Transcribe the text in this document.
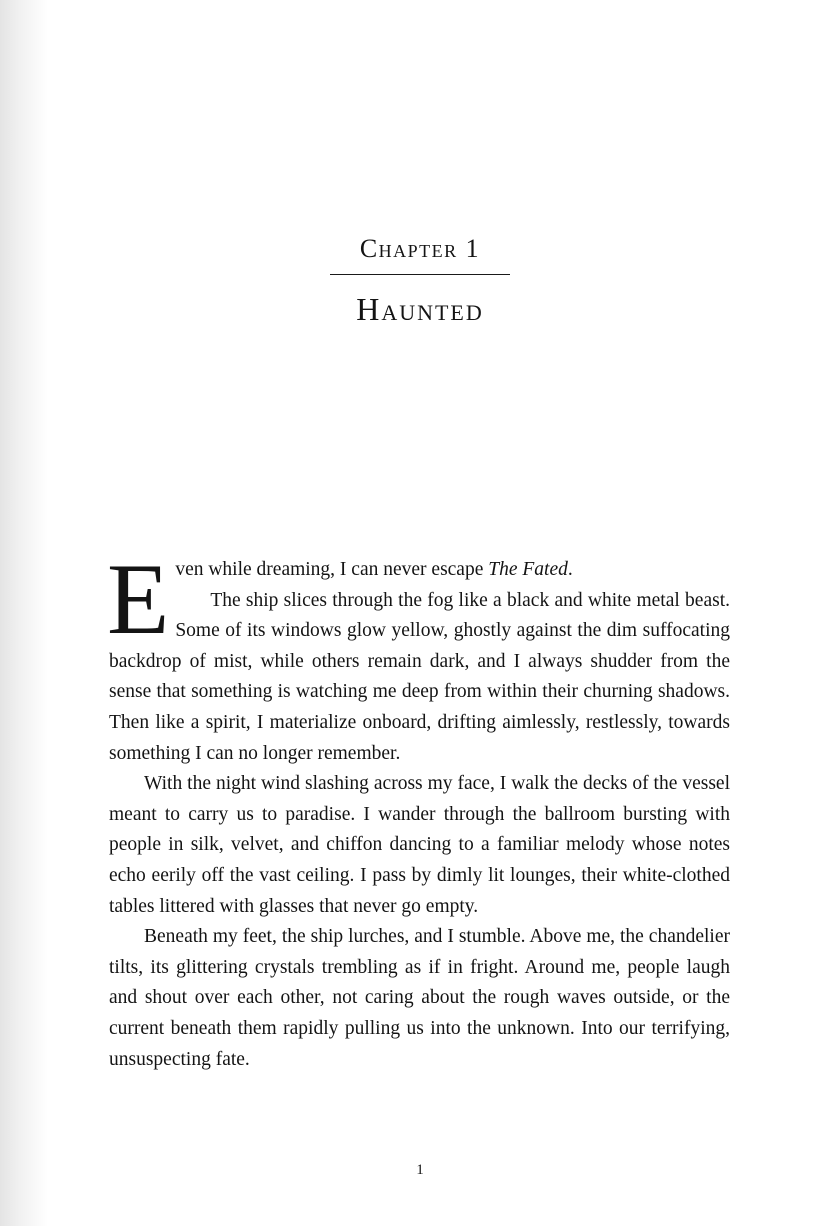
Chapter 1
Haunted

E ven while dreaming, I can never escape The Fated.
The ship slices through the fog like a black and white metal beast. Some of its windows glow yellow, ghostly against the dim suffocating backdrop of mist, while others remain dark, and I always shudder from the sense that something is watching me deep from within their churning shadows. Then like a spirit, I materialize onboard, drifting aimlessly, restlessly, towards something I can no longer remember.

With the night wind slashing across my face, I walk the decks of the vessel meant to carry us to paradise. I wander through the ballroom bursting with people in silk, velvet, and chiffon dancing to a familiar melody whose notes echo eerily off the vast ceiling. I pass by dimly lit lounges, their white-clothed tables littered with glasses that never go empty.

Beneath my feet, the ship lurches, and I stumble. Above me, the chandelier tilts, its glittering crystals trembling as if in fright. Around me, people laugh and shout over each other, not caring about the rough waves outside, or the current beneath them rapidly pulling us into the unknown. Into our terrifying, unsuspecting fate.

1
